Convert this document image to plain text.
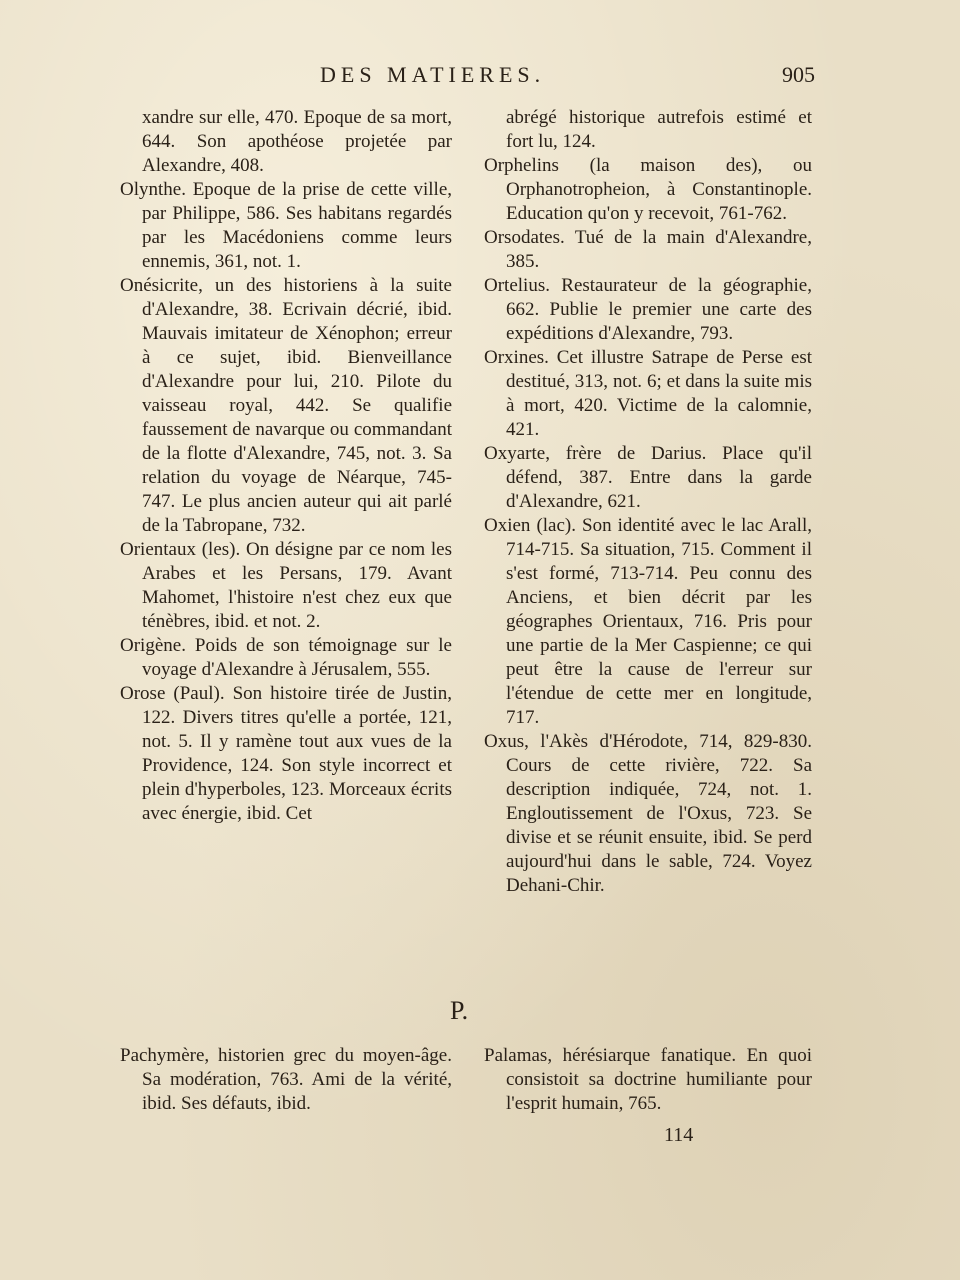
DES MATIERES.	905

xandre sur elle, 470. Epoque de sa mort, 644. Son apothéose projetée par Alexandre, 408.

Olynthe. Epoque de la prise de cette ville, par Philippe, 586. Ses habitans regardés par les Macédoniens comme leurs ennemis, 361, not. 1.

Onésicrite, un des historiens à la suite d'Alexandre, 38. Ecrivain décrié, ibid. Mauvais imitateur de Xénophon; erreur à ce sujet, ibid. Bienveillance d'Alexandre pour lui, 210. Pilote du vaisseau royal, 442. Se qualifie faussement de navarque ou commandant de la flotte d'Alexandre, 745, not. 3. Sa relation du voyage de Néarque, 745-747. Le plus ancien auteur qui ait parlé de la Tabropane, 732.

Orientaux (les). On désigne par ce nom les Arabes et les Persans, 179. Avant Mahomet, l'histoire n'est chez eux que ténèbres, ibid. et not. 2.

Origène. Poids de son témoignage sur le voyage d'Alexandre à Jérusalem, 555.

Orose (Paul). Son histoire tirée de Justin, 122. Divers titres qu'elle a portée, 121, not. 5. Il y ramène tout aux vues de la Providence, 124. Son style incorrect et plein d'hyperboles, 123. Morceaux écrits avec énergie, ibid. Cet

abrégé historique autrefois estimé et fort lu, 124.

Orphelins (la maison des), ou Orphanotropheion, à Constantinople. Education qu'on y recevoit, 761-762.

Orsodates. Tué de la main d'Alexandre, 385.

Ortelius. Restaurateur de la géographie, 662. Publie le premier une carte des expéditions d'Alexandre, 793.

Orxines. Cet illustre Satrape de Perse est destitué, 313, not. 6; et dans la suite mis à mort, 420. Victime de la calomnie, 421.

Oxyarte, frère de Darius. Place qu'il défend, 387. Entre dans la garde d'Alexandre, 621.

Oxien (lac). Son identité avec le lac Arall, 714-715. Sa situation, 715. Comment il s'est formé, 713-714. Peu connu des Anciens, et bien décrit par les géographes Orientaux, 716. Pris pour une partie de la Mer Caspienne; ce qui peut être la cause de l'erreur sur l'étendue de cette mer en longitude, 717.

Oxus, l'Akès d'Hérodote, 714, 829-830. Cours de cette rivière, 722. Sa description indiquée, 724, not. 1. Engloutissement de l'Oxus, 723. Se divise et se réunit ensuite, ibid. Se perd aujourd'hui dans le sable, 724. Voyez Dehani-Chir.

P.

Pachymère, historien grec du moyen-âge. Sa modération, 763. Ami de la vérité, ibid. Ses défauts, ibid.

Palamas, hérésiarque fanatique. En quoi consistoit sa doctrine humiliante pour l'esprit humain, 765.

114
